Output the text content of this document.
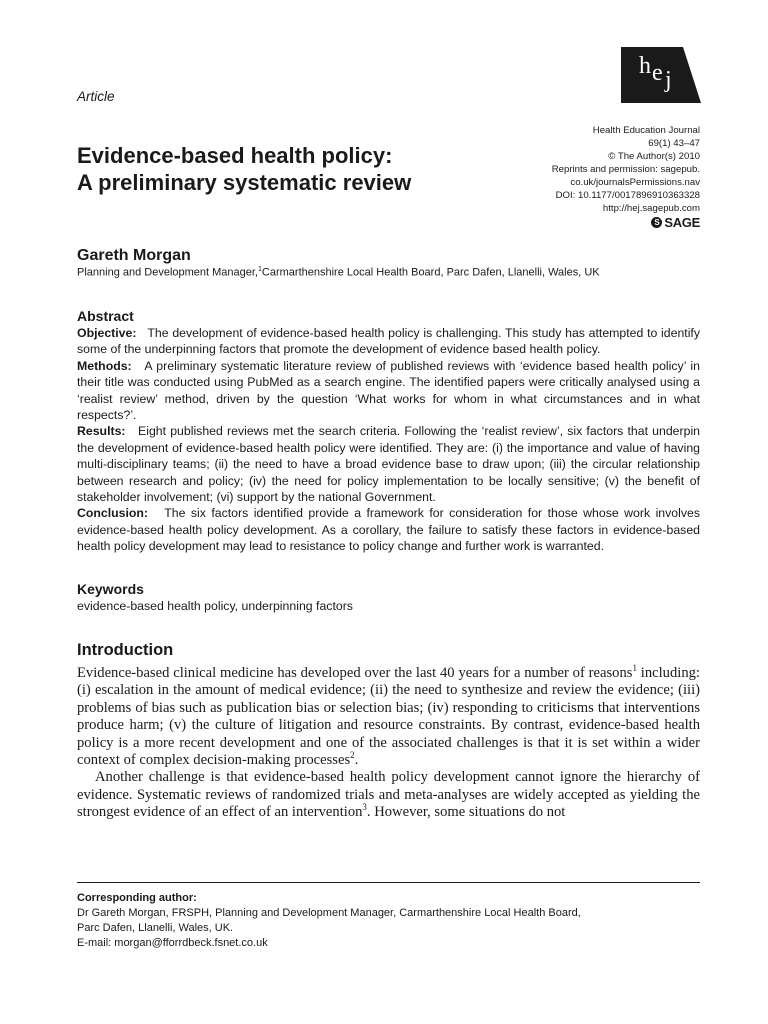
Article
h e j
Health Education Journal
69(1) 43–47
© The Author(s) 2010
Reprints and permission: sagepub.
co.uk/journalsPermissions.nav
DOI: 10.1177/0017896910363328
http://hej.sagepub.com
S SAGE
Evidence-based health policy:
A preliminary systematic review
Gareth Morgan
Planning and Development Manager,$^1$Carmarthenshire Local Health Board, Parc Dafen, Llanelli, Wales, UK
Abstract

Objective: The development of evidence-based health policy is challenging. This study has attempted to identify some of the underpinning factors that promote the development of evidence based health policy.

Methods: A preliminary systematic literature review of published reviews with ‘evidence based health policy’ in their title was conducted using PubMed as a search engine. The identified papers were critically analysed using a ‘realist review’ method, driven by the question ‘What works for whom in what circumstances and in what respects?’.

Results: Eight published reviews met the search criteria. Following the ‘realist review’, six factors that underpin the development of evidence-based health policy were identified. They are: (i) the importance and value of having multi-disciplinary teams; (ii) the need to have a broad evidence base to draw upon; (iii) the circular relationship between research and policy; (iv) the need for policy implementation to be locally sensitive; (v) the benefit of stakeholder involvement; (vi) support by the national Government.

Conclusion: The six factors identified provide a framework for consideration for those whose work involves evidence-based health policy development. As a corollary, the failure to satisfy these factors in evidence-based health policy development may lead to resistance to policy change and further work is warranted.

Keywords

evidence-based health policy, underpinning factors

Introduction

Evidence-based clinical medicine has developed over the last 40 years for a number of reasons$^1$ including: (i) escalation in the amount of medical evidence; (ii) the need to synthesize and review the evidence; (iii) problems of bias such as publication bias or selection bias; (iv) responding to criticisms that interventions produce harm; (v) the culture of litigation and resource constraints. By contrast, evidence-based health policy is a more recent development and one of the associated challenges is that it is set within a wider context of complex decision-making processes$^2$.

Another challenge is that evidence-based health policy development cannot ignore the hierarchy of evidence. Systematic reviews of randomized trials and meta-analyses are widely accepted as yielding the strongest evidence of an effect of an intervention$^3$. However, some situations do not

Corresponding author:

Dr Gareth Morgan, FRSPH, Planning and Development Manager, Carmarthenshire Local Health Board,

Parc Dafen, Llanelli, Wales, UK.

E-mail: morgan@fforrdbeck.fsnet.co.uk
